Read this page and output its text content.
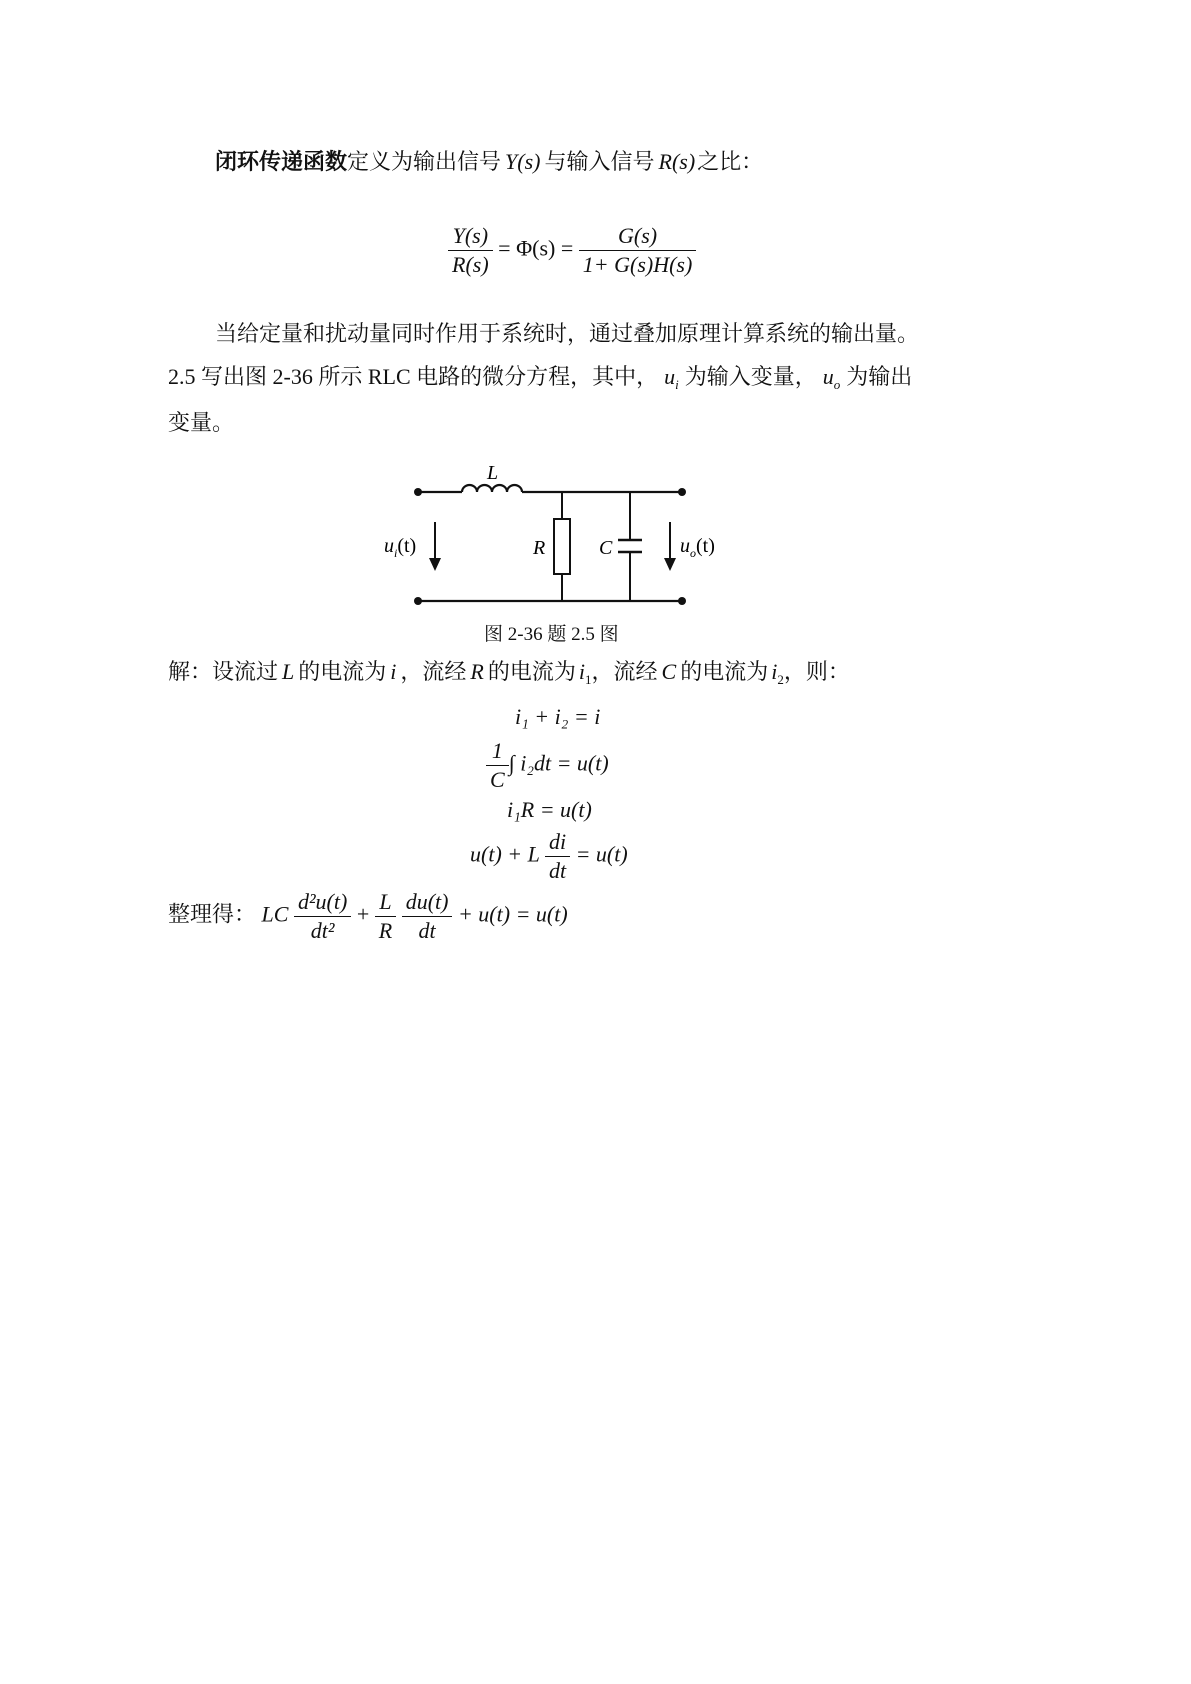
闭环传递函数定义为输出信号 Y(s) 与输入信号 R(s)之比：
$\frac{Y(s)}{R(s)} = \Phi(s) = \frac{G(s)}{1+ G(s)H(s)}$
当给定量和扰动量同时作用于系统时，通过叠加原理计算系统的输出量。
2.5 写出图 2-36 所示 RLC 电路的微分方程，其中， $u_i$ 为输入变量， $u_o$ 为输出
变量。
L
R	C
$u_i(t)$	$u_o(t)$
图 2-36 题 2.5 图
解：设流过 L 的电流为 i ，流经 R 的电流为 $i_1$，流经 C 的电流为 $i_2$，则：
i₁ + i₂ = i
$\frac{1}{C}$ ∫ i₂dt = u(t)
i₁R = u(t)
u(t) + L $\frac{di}{dt} = u(t)$
整理得： LC $\frac{\text{d²u(t)}}{\text{dt²}} + \frac{L}{R}$
$\frac{du(t)}{dt} + u(t) = u(t)$
